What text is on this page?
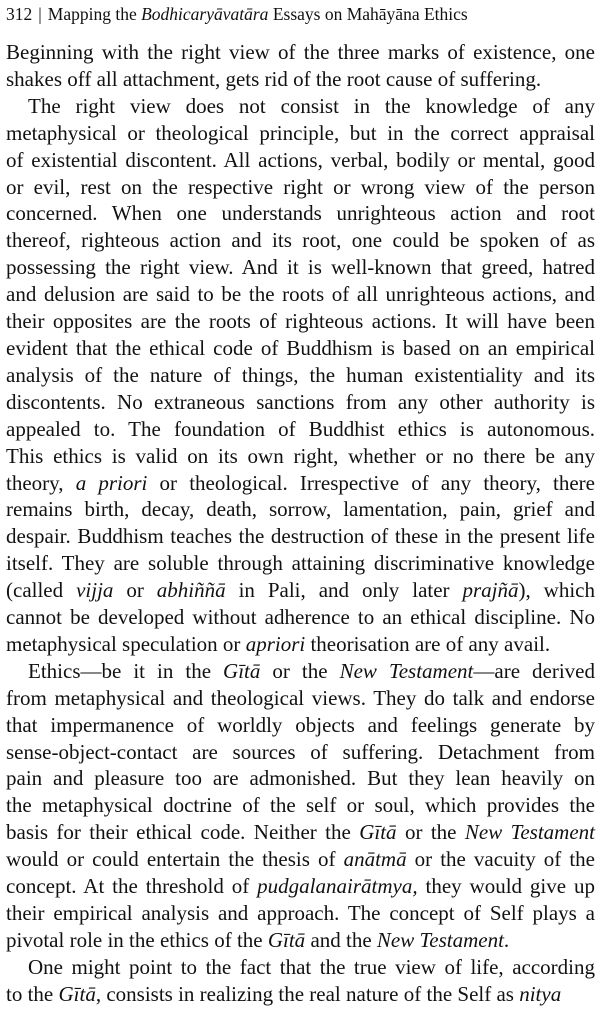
312 | Mapping the Bodhicaryāvatāra Essays on Mahāyāna Ethics
Beginning with the right view of the three marks of existence, one
shakes off all attachment, gets rid of the root cause of suffering.
The right view does not consist in the knowledge of any
metaphysical or theological principle, but in the correct appraisal
of existential discontent. All actions, verbal, bodily or mental, good
or evil, rest on the respective right or wrong view of the person
concerned. When one understands unrighteous action and root
thereof, righteous action and its root, one could be spoken of as
possessing the right view. And it is well-known that greed, hatred
and delusion are said to be the roots of all unrighteous actions, and
their opposites are the roots of righteous actions. It will have been
evident that the ethical code of Buddhism is based on an empirical
analysis of the nature of things, the human existentiality and its
discontents. No extraneous sanctions from any other authority is
appealed to. The foundation of Buddhist ethics is autonomous.
This ethics is valid on its own right, whether or no there be any
theory, a priori or theological. Irrespective of any theory, there
remains birth, decay, death, sorrow, lamentation, pain, grief and
despair. Buddhism teaches the destruction of these in the present life
itself. They are soluble through attaining discriminative knowledge
(called vijja or abhiññā in Pali, and only later prajñā), which
cannot be developed without adherence to an ethical discipline. No
metaphysical speculation or apriori theorisation are of any avail.
Ethics—be it in the Gītā or the New Testament—are derived
from metaphysical and theological views. They do talk and endorse
that impermanence of worldly objects and feelings generate by
sense-object-contact are sources of suffering. Detachment from
pain and pleasure too are admonished. But they lean heavily on
the metaphysical doctrine of the self or soul, which provides the
basis for their ethical code. Neither the Gītā or the New Testament
would or could entertain the thesis of anātmā or the vacuity of the
concept. At the threshold of pudgalanairātmya, they would give up
their empirical analysis and approach. The concept of Self plays a
pivotal role in the ethics of the Gītā and the New Testament.
One might point to the fact that the true view of life, according
to the Gītā, consists in realizing the real nature of the Self as nitya
